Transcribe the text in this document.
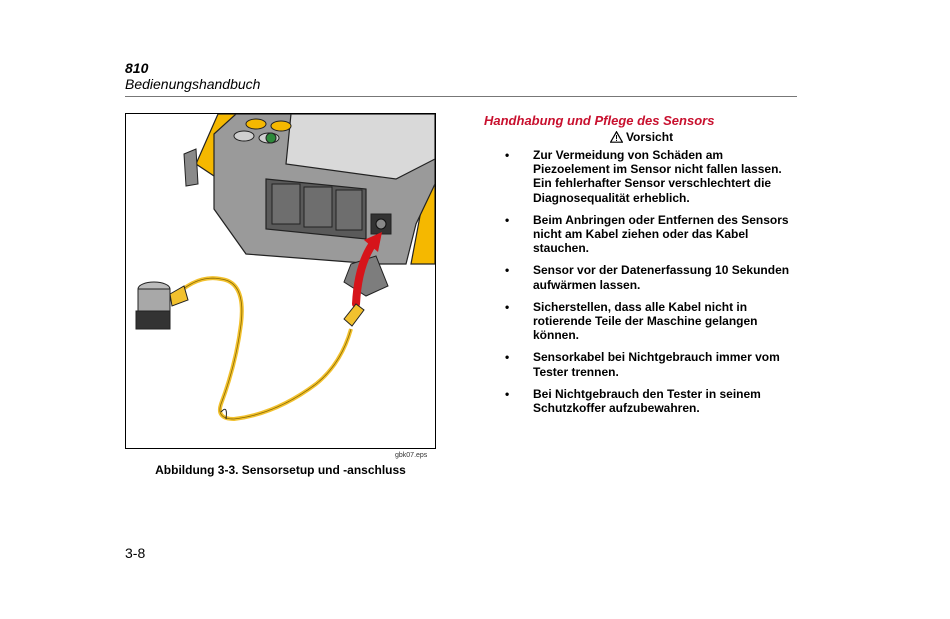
810
Bedienungshandbuch
gbk07.eps
Abbildung 3-3. Sensorsetup und -anschluss
Handhabung und Pflege des Sensors
Vorsicht
• Zur Vermeidung von Schäden am Piezoelement im Sensor nicht fallen lassen. Ein fehlerhafter Sensor verschlechtert die Diagnosequalität erheblich.
• Beim Anbringen oder Entfernen des Sensors nicht am Kabel ziehen oder das Kabel stauchen.
• Sensor vor der Datenerfassung 10 Sekunden aufwärmen lassen.
• Sicherstellen, dass alle Kabel nicht in rotierende Teile der Maschine gelangen können.
• Sensorkabel bei Nichtgebrauch immer vom Tester trennen.
• Bei Nichtgebrauch den Tester in seinem Schutzkoffer aufzubewahren.
3-8
